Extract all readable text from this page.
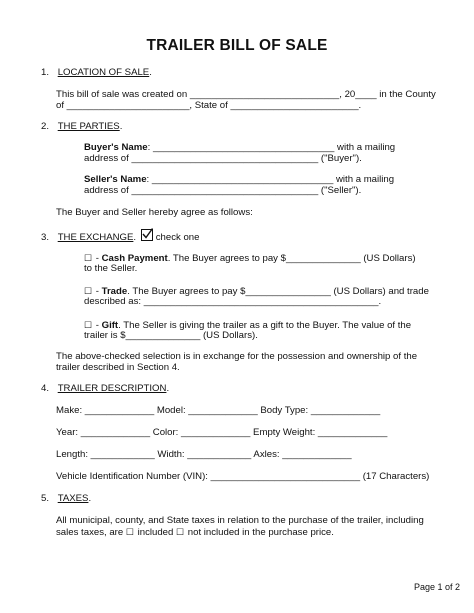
TRAILER BILL OF SALE
1. LOCATION OF SALE.
This bill of sale was created on ____________________________, 20____ in the County
of _______________________, State of ________________________.
2. THE PARTIES.
Buyer's Name: __________________________________ with a mailing
address of ___________________________________ ("Buyer").
Seller's Name: __________________________________ with a mailing
address of ___________________________________ ("Seller").
The Buyer and Seller hereby agree as follows:
3. THE EXCHANGE. check one
☐ - Cash Payment. The Buyer agrees to pay $______________ (US Dollars)
to the Seller.
☐ - Trade. The Buyer agrees to pay $________________ (US Dollars) and trade
described as: ____________________________________________.
☐ - Gift. The Seller is giving the trailer as a gift to the Buyer. The value of the
trailer is $______________ (US Dollars).
The above-checked selection is in exchange for the possession and ownership of the
trailer described in Section 4.
4. TRAILER DESCRIPTION.
Make: _____________ Model: _____________ Body Type: _____________
Year: _____________ Color: _____________ Empty Weight: _____________
Length: ____________ Width: ____________ Axles: _____________
Vehicle Identification Number (VIN): ____________________________ (17 Characters)
5. TAXES.
All municipal, county, and State taxes in relation to the purchase of the trailer, including
sales taxes, are ☐ included ☐ not included in the purchase price.
Page 1 of 2
